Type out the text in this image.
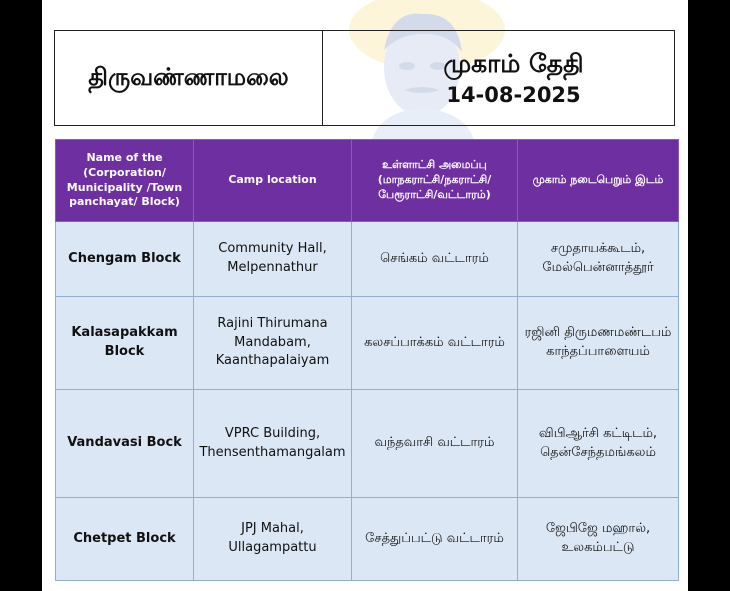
திருவண்ணாமலை	முகாம் தேதி
14-08-2025
Name of the (Corporation/ Municipality /Town panchayat/ Block)	Camp location	உள்ளாட்சி அமைப்பு (மாநகராட்சி/நகராட்சி/ பேரூராட்சி/வட்டாரம்)	முகாம் நடைபெறும் இடம்
Chengam Block	Community Hall, Melpennathur	செங்கம் வட்டாரம்	சமுதாயக்கூடம், மேல்பென்னாத்தூர்
Kalasapakkam Block	Rajini Thirumana Mandabam, Kaanthapalaiyam	கலசப்பாக்கம் வட்டாரம்	ரஜினி திருமணமண்டபம் காந்தப்பாளையம்
Vandavasi Bock	VPRC Building, Thensenthamangalam	வந்தவாசி வட்டாரம்	விபிஆர்சி கட்டிடம், தென்சேந்தமங்கலம்
Chetpet Block	JPJ Mahal, Ullagampattu	சேத்துப்பட்டு வட்டாரம்	ஜேபிஜே மஹால், உலகம்பட்டு
